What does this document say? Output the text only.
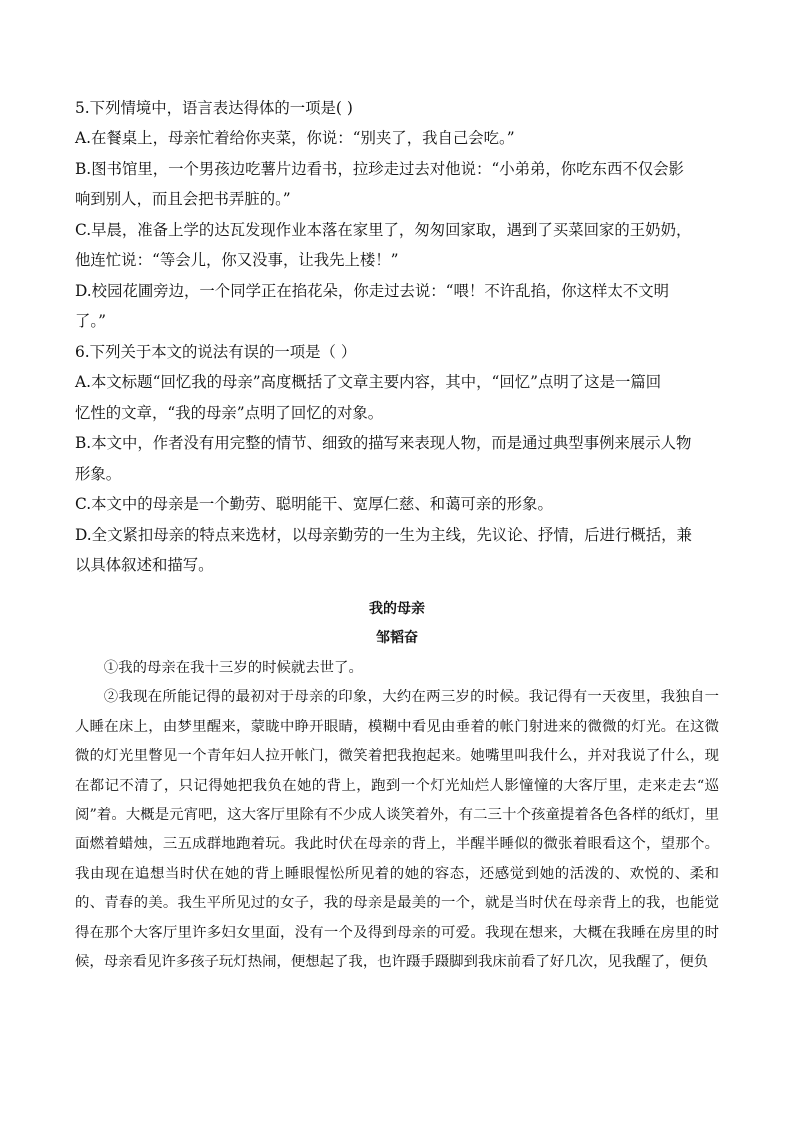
5.下列情境中，语言表达得体的一项是( )
A.在餐桌上，母亲忙着给你夹菜，你说：“别夹了，我自己会吃。”
B.图书馆里，一个男孩边吃薯片边看书，拉珍走过去对他说：“小弟弟，你吃东西不仅会影
响到别人，而且会把书弄脏的。”
C.早晨，准备上学的达瓦发现作业本落在家里了，匆匆回家取，遇到了买菜回家的王奶奶，
他连忙说：“等会儿，你又没事，让我先上楼！”
D.校园花圃旁边，一个同学正在掐花朵，你走过去说：“喂！不许乱掐，你这样太不文明
了。”
6.下列关于本文的说法有误的一项是（ ）
A.本文标题“回忆我的母亲”高度概括了文章主要内容，其中，“回忆”点明了这是一篇回
忆性的文章，“我的母亲”点明了回忆的对象。
B.本文中，作者没有用完整的情节、细致的描写来表现人物，而是通过典型事例来展示人物
形象。
C.本文中的母亲是一个勤劳、聪明能干、宽厚仁慈、和蔼可亲的形象。
D.全文紧扣母亲的特点来选材，以母亲勤劳的一生为主线，先议论、抒情，后进行概括，兼
以具体叙述和描写。
我的母亲
邹韬奋

①我的母亲在我十三岁的时候就去世了。

②我现在所能记得的最初对于母亲的印象，大约在两三岁的时候。我记得有一天夜里，我独自一人睡在床上，由梦里醒来，蒙眬中睁开眼睛，模糊中看见由垂着的帐门射进来的微微的灯光。在这微微的灯光里瞥见一个青年妇人拉开帐门，微笑着把我抱起来。她嘴里叫我什么，并对我说了什么，现在都记不清了，只记得她把我负在她的背上，跑到一个灯光灿烂人影憧憧的大客厅里，走来走去“巡阅”着。大概是元宵吧，这大客厅里除有不少成人谈笑着外，有二三十个孩童提着各色各样的纸灯，里面燃着蜡烛，三五成群地跑着玩。我此时伏在母亲的背上，半醒半睡似的微张着眼看这个，望那个。我由现在追想当时伏在她的背上睡眼惺忪所见着的她的容态，还感觉到她的活泼的、欢悦的、柔和的、青春的美。我生平所见过的女子，我的母亲是最美的一个，就是当时伏在母亲背上的我，也能觉得在那个大客厅里许多妇女里面，没有一个及得到母亲的可爱。我现在想来，大概在我睡在房里的时候，母亲看见许多孩子玩灯热闹，便想起了我，也许蹑手蹑脚到我床前看了好几次，见我醒了，便负
